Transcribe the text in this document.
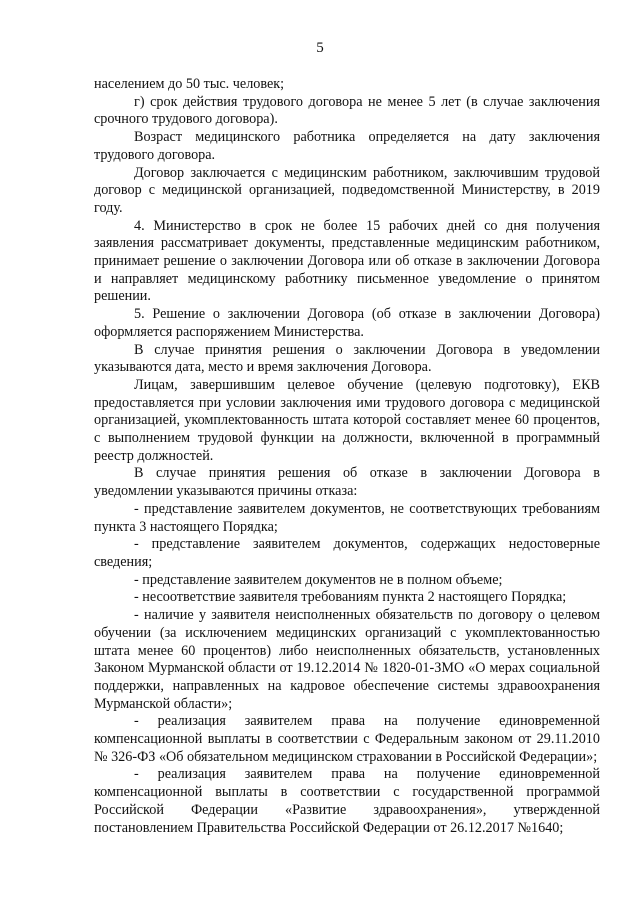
5

населением до 50 тыс. человек;

г) срок действия трудового договора не менее 5 лет (в случае заключения срочного трудового договора).

Возраст медицинского работника определяется на дату заключения трудового договора.

Договор заключается с медицинским работником, заключившим трудовой договор с медицинской организацией, подведомственной Министерству, в 2019 году.

4. Министерство в срок не более 15 рабочих дней со дня получения заявления рассматривает документы, представленные медицинским работником, принимает решение о заключении Договора или об отказе в заключении Договора и направляет медицинскому работнику письменное уведомление о принятом решении.

5. Решение о заключении Договора (об отказе в заключении Договора) оформляется распоряжением Министерства.

В случае принятия решения о заключении Договора в уведомлении указываются дата, место и время заключения Договора.

Лицам, завершившим целевое обучение (целевую подготовку), ЕКВ предоставляется при условии заключения ими трудового договора с медицинской организацией, укомплектованность штата которой составляет менее 60 процентов, с выполнением трудовой функции на должности, включенной в программный реестр должностей.

В случае принятия решения об отказе в заключении Договора в уведомлении указываются причины отказа:

- представление заявителем документов, не соответствующих требованиям пункта 3 настоящего Порядка;

- представление заявителем документов, содержащих недостоверные сведения;

- представление заявителем документов не в полном объеме;

- несоответствие заявителя требованиям пункта 2 настоящего Порядка;

- наличие у заявителя неисполненных обязательств по договору о целевом обучении (за исключением медицинских организаций с укомплектованностью штата менее 60 процентов) либо неисполненных обязательств, установленных Законом Мурманской области от 19.12.2014 № 1820-01-ЗМО «О мерах социальной поддержки, направленных на кадровое обеспечение системы здравоохранения Мурманской области»;

- реализация заявителем права на получение единовременной компенсационной выплаты в соответствии с Федеральным законом от 29.11.2010 № 326-ФЗ «Об обязательном медицинском страховании в Российской Федерации»;

- реализация заявителем права на получение единовременной компенсационной выплаты в соответствии с государственной программой Российской Федерации «Развитие здравоохранения», утвержденной постановлением Правительства Российской Федерации от 26.12.2017 №1640;
